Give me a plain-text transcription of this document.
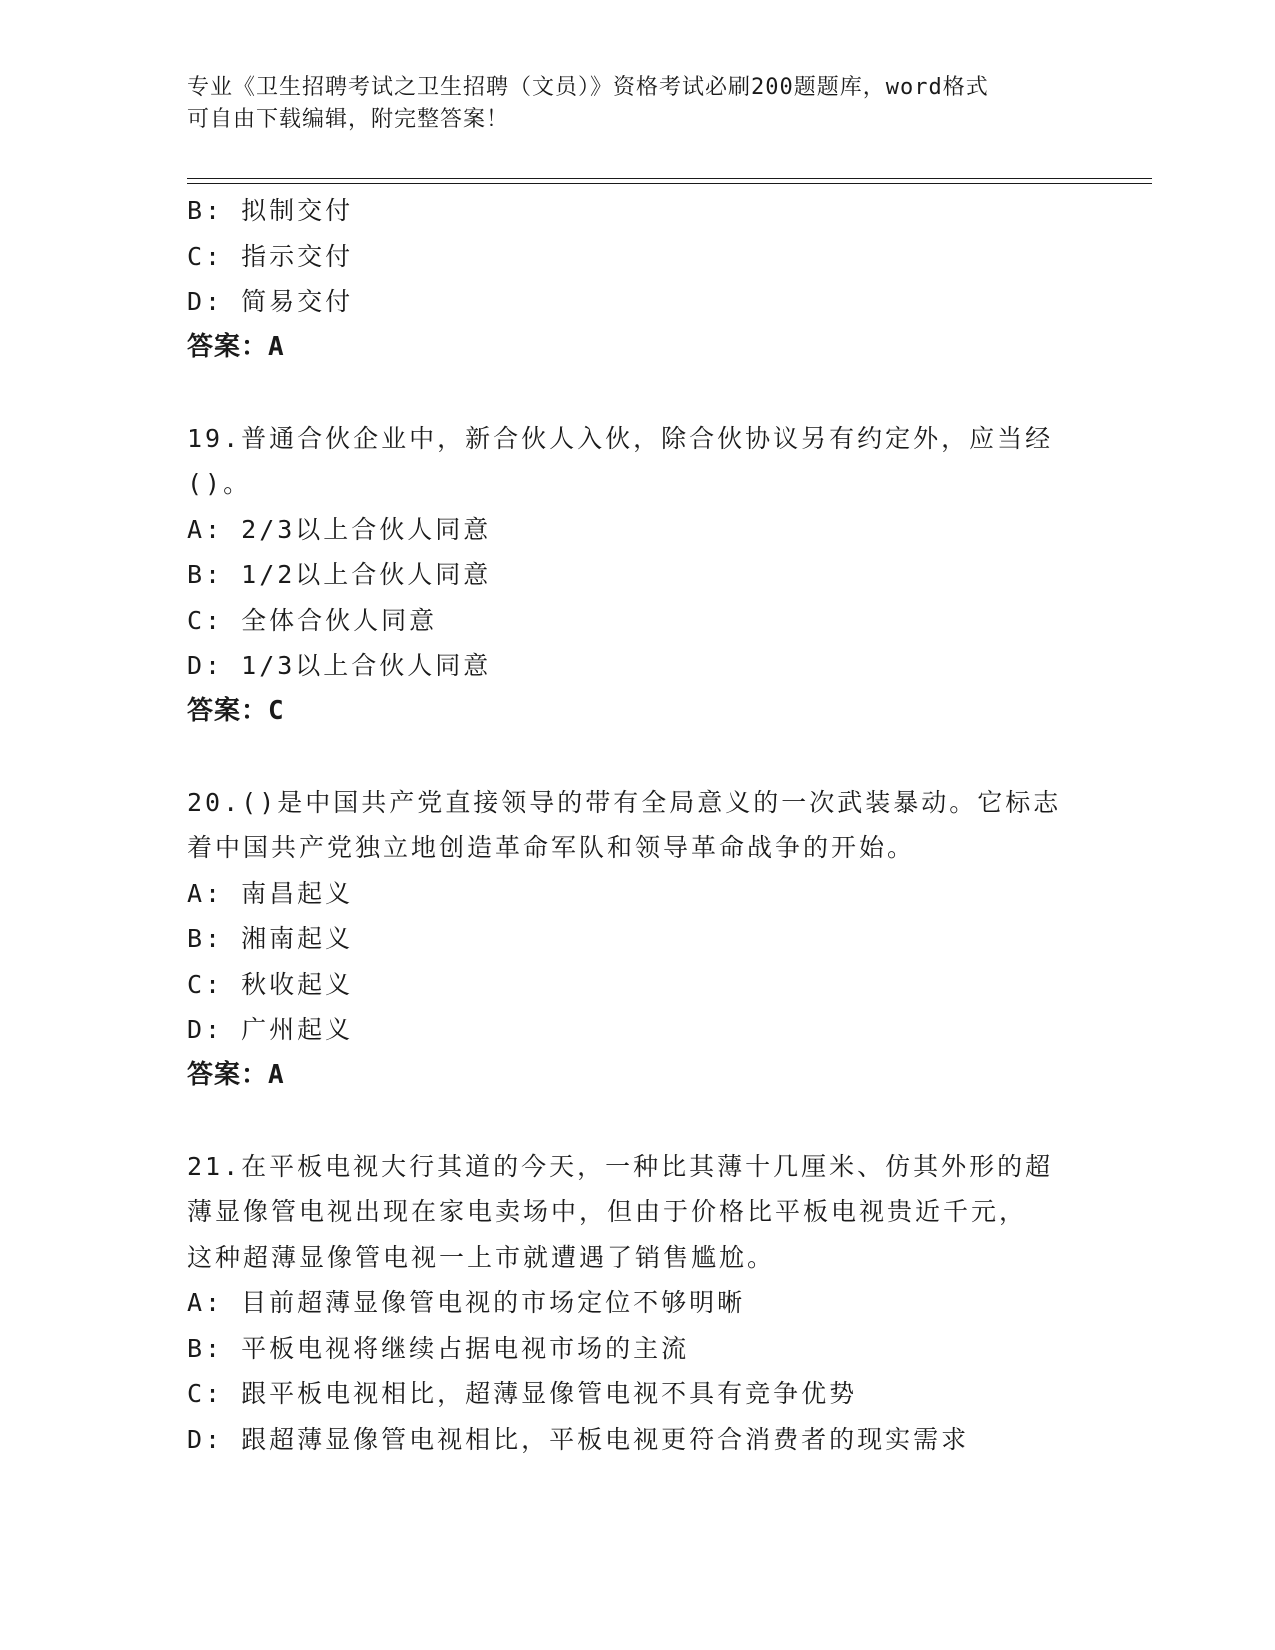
专业《卫生招聘考试之卫生招聘（文员）》资格考试必刷200题题库，word格式
可自由下载编辑，附完整答案！
B: 拟制交付
C: 指示交付
D: 简易交付
答案：A
19.普通合伙企业中，新合伙人入伙，除合伙协议另有约定外，应当经
()。
A: 2/3以上合伙人同意
B: 1/2以上合伙人同意
C: 全体合伙人同意
D: 1/3以上合伙人同意
答案：C
20.()是中国共产党直接领导的带有全局意义的一次武装暴动。它标志
着中国共产党独立地创造革命军队和领导革命战争的开始。
A: 南昌起义
B: 湘南起义
C: 秋收起义
D: 广州起义
答案：A
21.在平板电视大行其道的今天，一种比其薄十几厘米、仿其外形的超
薄显像管电视出现在家电卖场中，但由于价格比平板电视贵近千元，
这种超薄显像管电视一上市就遭遇了销售尴尬。
A: 目前超薄显像管电视的市场定位不够明晰
B: 平板电视将继续占据电视市场的主流
C: 跟平板电视相比，超薄显像管电视不具有竞争优势
D: 跟超薄显像管电视相比，平板电视更符合消费者的现实需求
